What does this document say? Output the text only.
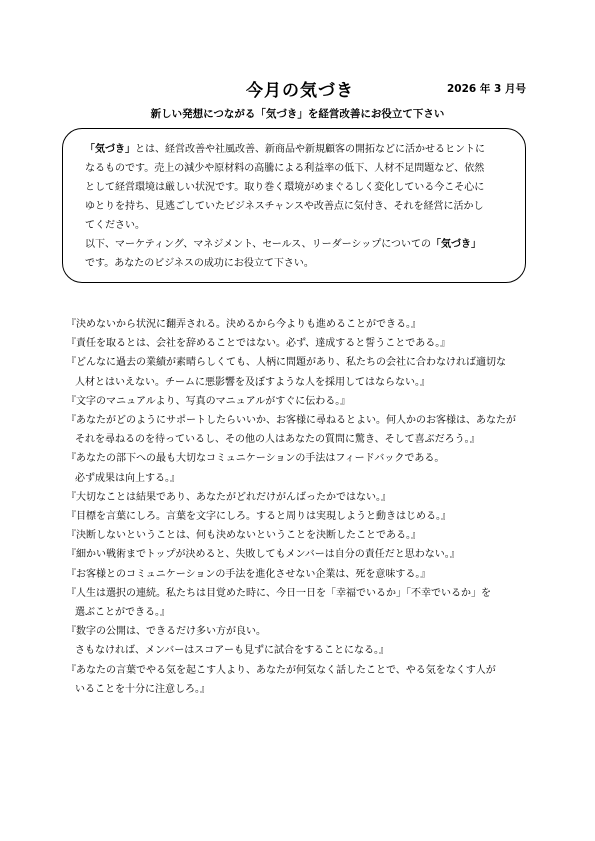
今月の気づき	2026 年 3 月号

新しい発想につながる「気づき」を経営改善にお役立て下さい

「気づき」とは、経営改善や社風改善、新商品や新規顧客の開拓などに活かせるヒントに

なるものです。売上の減少や原材料の高騰による利益率の低下、人材不足問題など、依然

として経営環境は厳しい状況です。取り巻く環境がめまぐるしく変化している今こそ心に

ゆとりを持ち、見逃ごしていたビジネスチャンスや改善点に気付き、それを経営に活かし

てください。

以下、マーケティング、マネジメント、セールス、リーダーシップについての「気づき」

です。あなたのビジネスの成功にお役立て下さい。

『決めないから状況に翻弄される。決めるから今よりも進めることができる。』

『責任を取るとは、会社を辞めることではない。必ず、達成すると誓うことである。』

『どんなに過去の業績が素晴らしくても、人柄に問題があり、私たちの会社に合わなければ適切な

人材とはいえない。チームに悪影響を及ぼすような人を採用してはならない。』

『文字のマニュアルより、写真のマニュアルがすぐに伝わる。』

『あなたがどのようにサポートしたらいいか、お客様に尋ねるとよい。何人かのお客様は、あなたが

それを尋ねるのを待っているし、その他の人はあなたの質問に驚き、そして喜ぶだろう。』

『あなたの部下への最も大切なコミュニケーションの手法はフィードバックである。

必ず成果は向上する。』

『大切なことは結果であり、あなたがどれだけがんばったかではない。』

『目標を言葉にしろ。言葉を文字にしろ。すると周りは実現しようと動きはじめる。』

『決断しないということは、何も決めないということを決断したことである。』

『細かい戦術までトップが決めると、失敗してもメンバーは自分の責任だと思わない。』

『お客様とのコミュニケーションの手法を進化させない企業は、死を意味する。』

『人生は選択の連続。私たちは目覚めた時に、今日一日を「幸福でいるか」「不幸でいるか」を

選ぶことができる。』

『数字の公開は、できるだけ多い方が良い。

さもなければ、メンバーはスコアーも見ずに試合をすることになる。』

『あなたの言葉でやる気を起こす人より、あなたが何気なく話したことで、やる気をなくす人が

いることを十分に注意しろ。』
